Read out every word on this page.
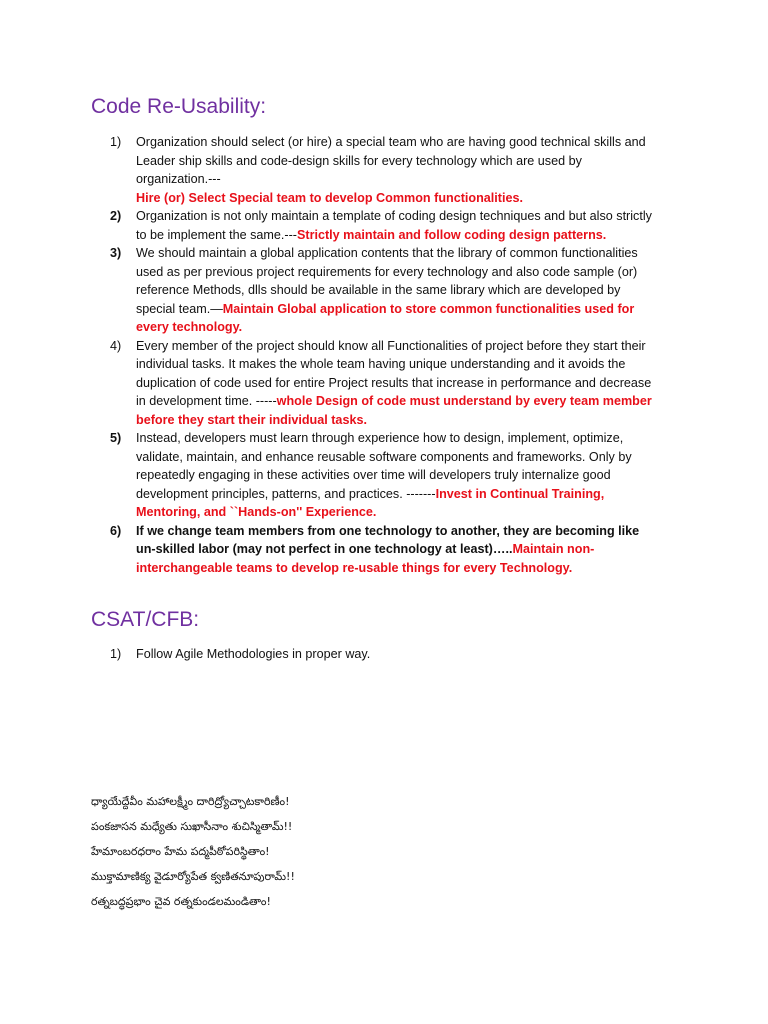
Code Re-Usability:
1) Organization should select (or hire) a special team who are having good technical skills and Leader ship skills and code-design skills for every technology which are used by organization.---
Hire (or) Select Special team to develop Common functionalities.
2) Organization is not only maintain a template of coding design techniques and but also strictly to be implement the same.---Strictly maintain and follow coding design patterns.
3) We should maintain a global application contents that the library of common functionalities used as per previous project requirements for every technology and also code sample (or) reference Methods, dlls should be available in the same library which are developed by special team.—Maintain Global application to store common functionalities used for every technology.
4) Every member of the project should know all Functionalities of project before they start their individual tasks. It makes the whole team having unique understanding and it avoids the duplication of code used for entire Project results that increase in performance and decrease in development time. -----whole Design of code must understand by every team member before they start their individual tasks.
5) Instead, developers must learn through experience how to design, implement, optimize, validate, maintain, and enhance reusable software components and frameworks. Only by repeatedly engaging in these activities over time will developers truly internalize good development principles, patterns, and practices. -------Invest in Continual Training, Mentoring, and ``Hands-on'' Experience.
6) If we change team members from one technology to another, they are becoming like un-skilled labor (may not perfect in one technology at least)…..Maintain non-interchangeable teams to develop re-usable things for every Technology.
CSAT/CFB:
1) Follow Agile Methodologies in proper way.
ధ్యాయేద్దేవీం మహాలక్ష్మీం దారిద్ర్యోచ్చాటకారిణీం!
పంకజాసన మధ్యేతు సుఖాసీనాం శుచిస్మితామ్!!
హేమాంబరధరాం హేమ పద్మపీఠోపరిస్థితాం!
ముక్తామాణిక్య వైడూర్యోపేత క్వణితనూపురామ్!!
రత్నబద్ధప్రభాం చైవ రత్నకుండలమండితాం!
